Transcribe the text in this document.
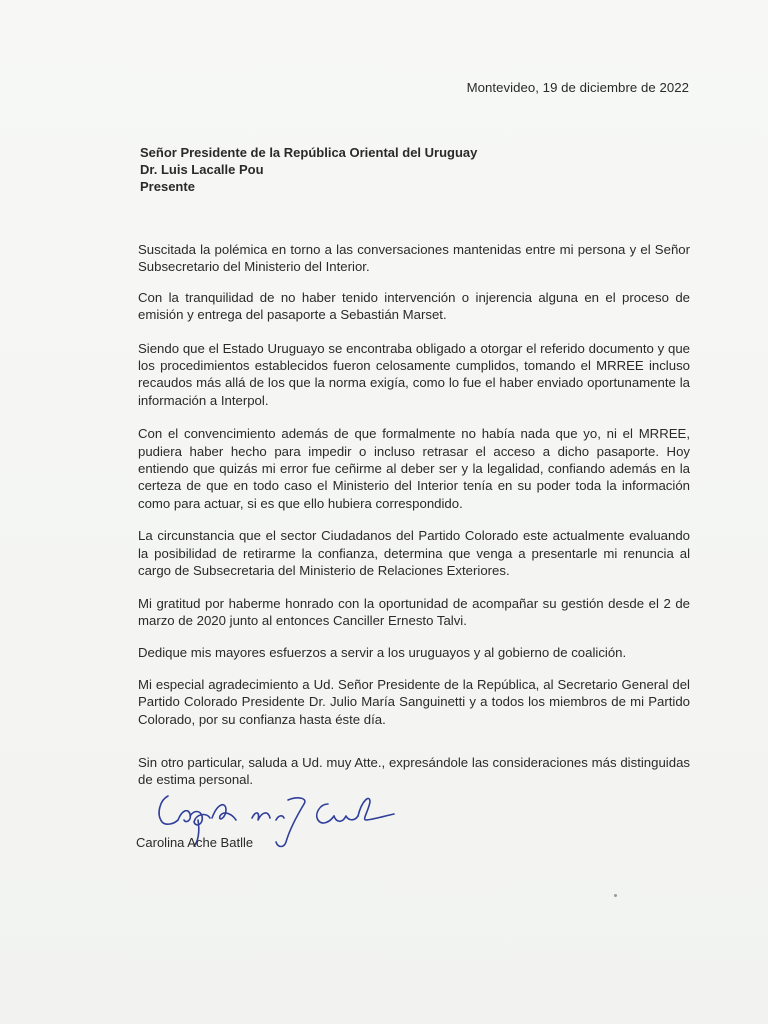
Montevideo, 19 de diciembre de 2022
Señor Presidente de la República Oriental del Uruguay
Dr. Luis Lacalle Pou
Presente

Suscitada la polémica en torno a las conversaciones mantenidas entre mi persona y el Señor Subsecretario del Ministerio del Interior.

Con la tranquilidad de no haber tenido intervención o injerencia alguna en el proceso de emisión y entrega del pasaporte a Sebastián Marset.

Siendo que el Estado Uruguayo se encontraba obligado a otorgar el referido documento y que los procedimientos establecidos fueron celosamente cumplidos, tomando el MRREE incluso recaudos más allá de los que la norma exigía, como lo fue el haber enviado oportunamente la información a Interpol.

Con el convencimiento además de que formalmente no había nada que yo, ni el MRREE, pudiera haber hecho para impedir o incluso retrasar el acceso a dicho pasaporte. Hoy entiendo que quizás mi error fue ceñirme al deber ser y la legalidad, confiando además en la certeza de que en todo caso el Ministerio del Interior tenía en su poder toda la información como para actuar, si es que ello hubiera correspondido.

La circunstancia que el sector Ciudadanos del Partido Colorado este actualmente evaluando la posibilidad de retirarme la confianza, determina que venga a presentarle mi renuncia al cargo de Subsecretaria del Ministerio de Relaciones Exteriores.

Mi gratitud por haberme honrado con la oportunidad de acompañar su gestión desde el 2 de marzo de 2020 junto al entonces Canciller Ernesto Talvi.

Dedique mis mayores esfuerzos a servir a los uruguayos y al gobierno de coalición.

Mi especial agradecimiento a Ud. Señor Presidente de la República, al Secretario General del Partido Colorado Presidente Dr. Julio María Sanguinetti y a todos los miembros de mi Partido Colorado, por su confianza hasta éste día.

Sin otro particular, saluda a Ud. muy Atte., expresándole las consideraciones más distinguidas de estima personal.
Carolina Ache Batlle
